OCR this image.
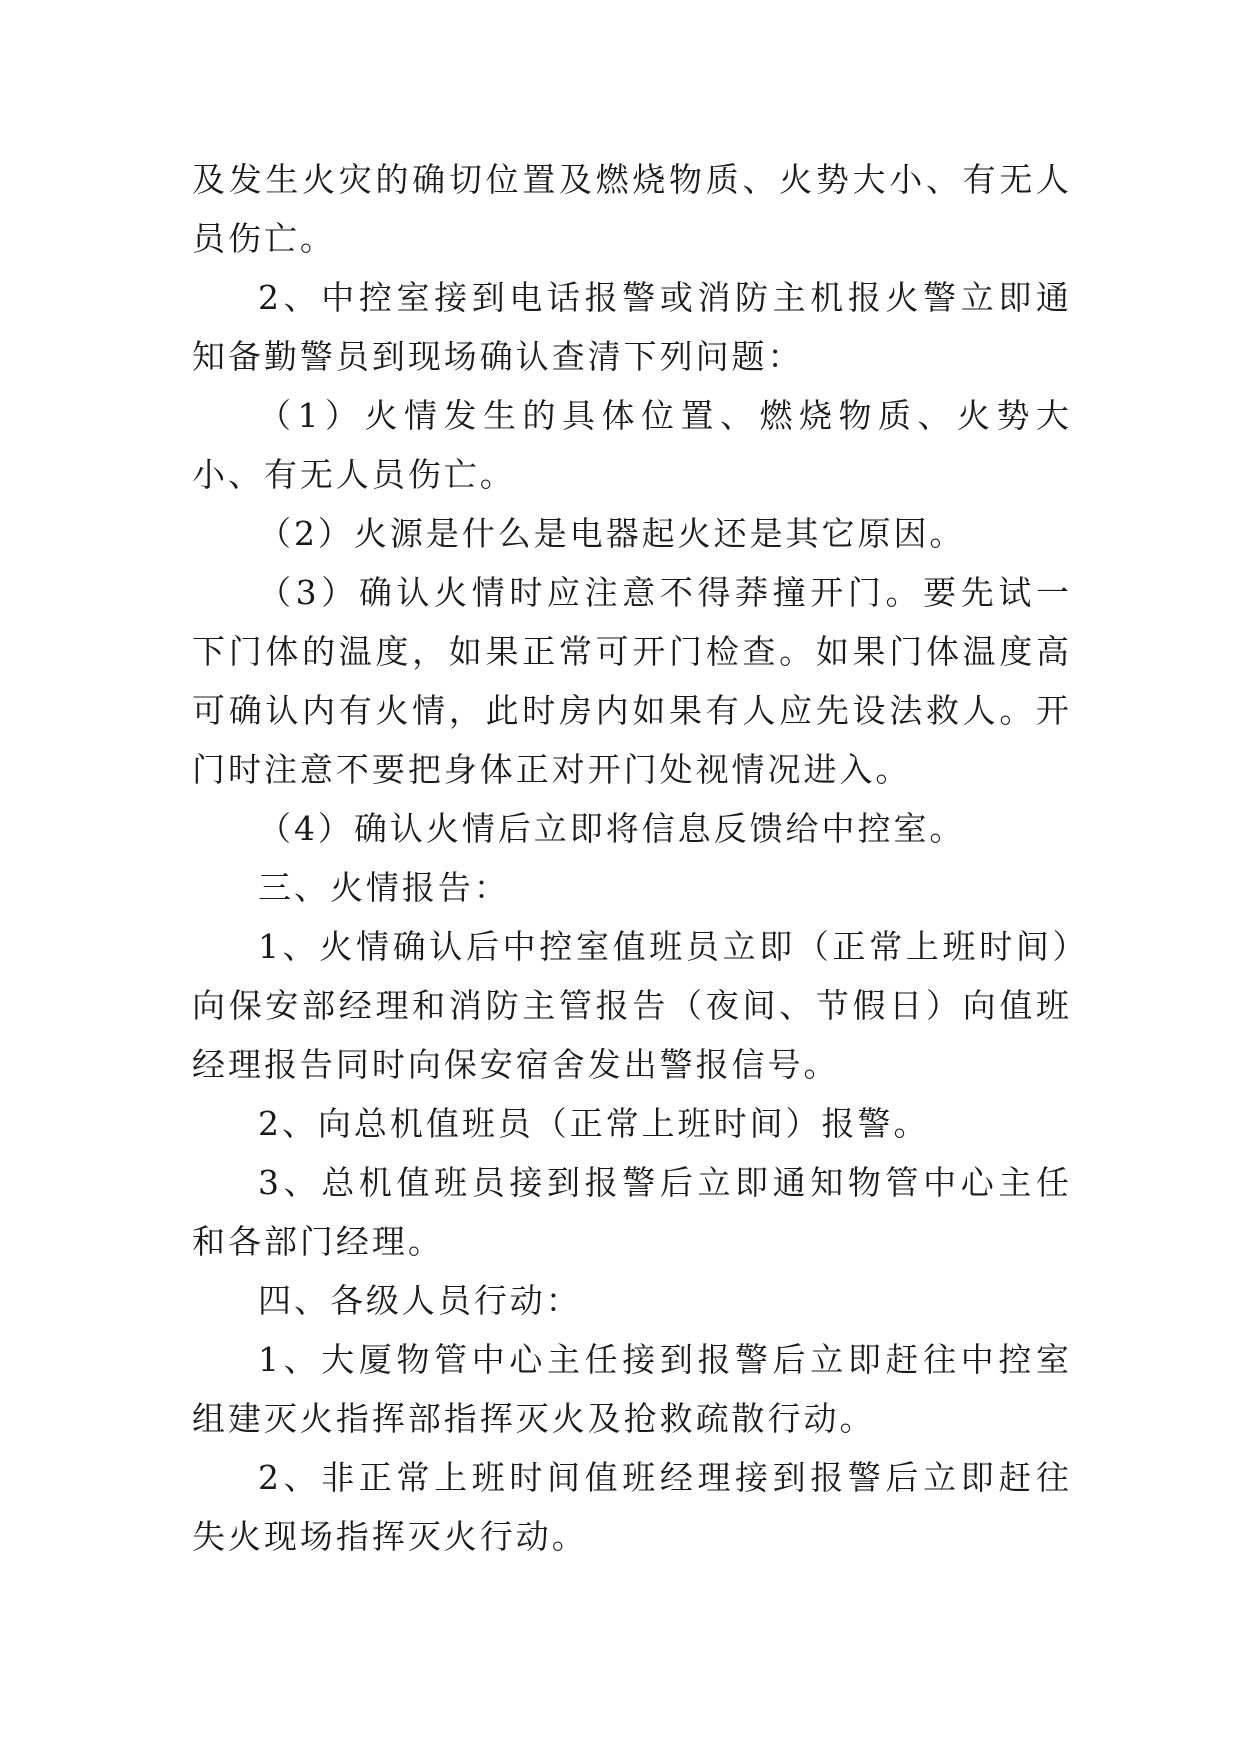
及发生火灾的确切位置及燃烧物质、火势大小、有无人员伤亡。

2、中控室接到电话报警或消防主机报火警立即通知备勤警员到现场确认查清下列问题：

（1）火情发生的具体位置、燃烧物质、火势大小、有无人员伤亡。

（2）火源是什么是电器起火还是其它原因。

（3）确认火情时应注意不得莽撞开门。要先试一下门体的温度，如果正常可开门检查。如果门体温度高可确认内有火情，此时房内如果有人应先设法救人。开门时注意不要把身体正对开门处视情况进入。

（4）确认火情后立即将信息反馈给中控室。

三、火情报告：

1、火情确认后中控室值班员立即（正常上班时间）向保安部经理和消防主管报告（夜间、节假日）向值班经理报告同时向保安宿舍发出警报信号。

2、向总机值班员（正常上班时间）报警。

3、总机值班员接到报警后立即通知物管中心主任和各部门经理。

四、各级人员行动：

1、大厦物管中心主任接到报警后立即赶往中控室组建灭火指挥部指挥灭火及抢救疏散行动。

2、非正常上班时间值班经理接到报警后立即赶往失火现场指挥灭火行动。
